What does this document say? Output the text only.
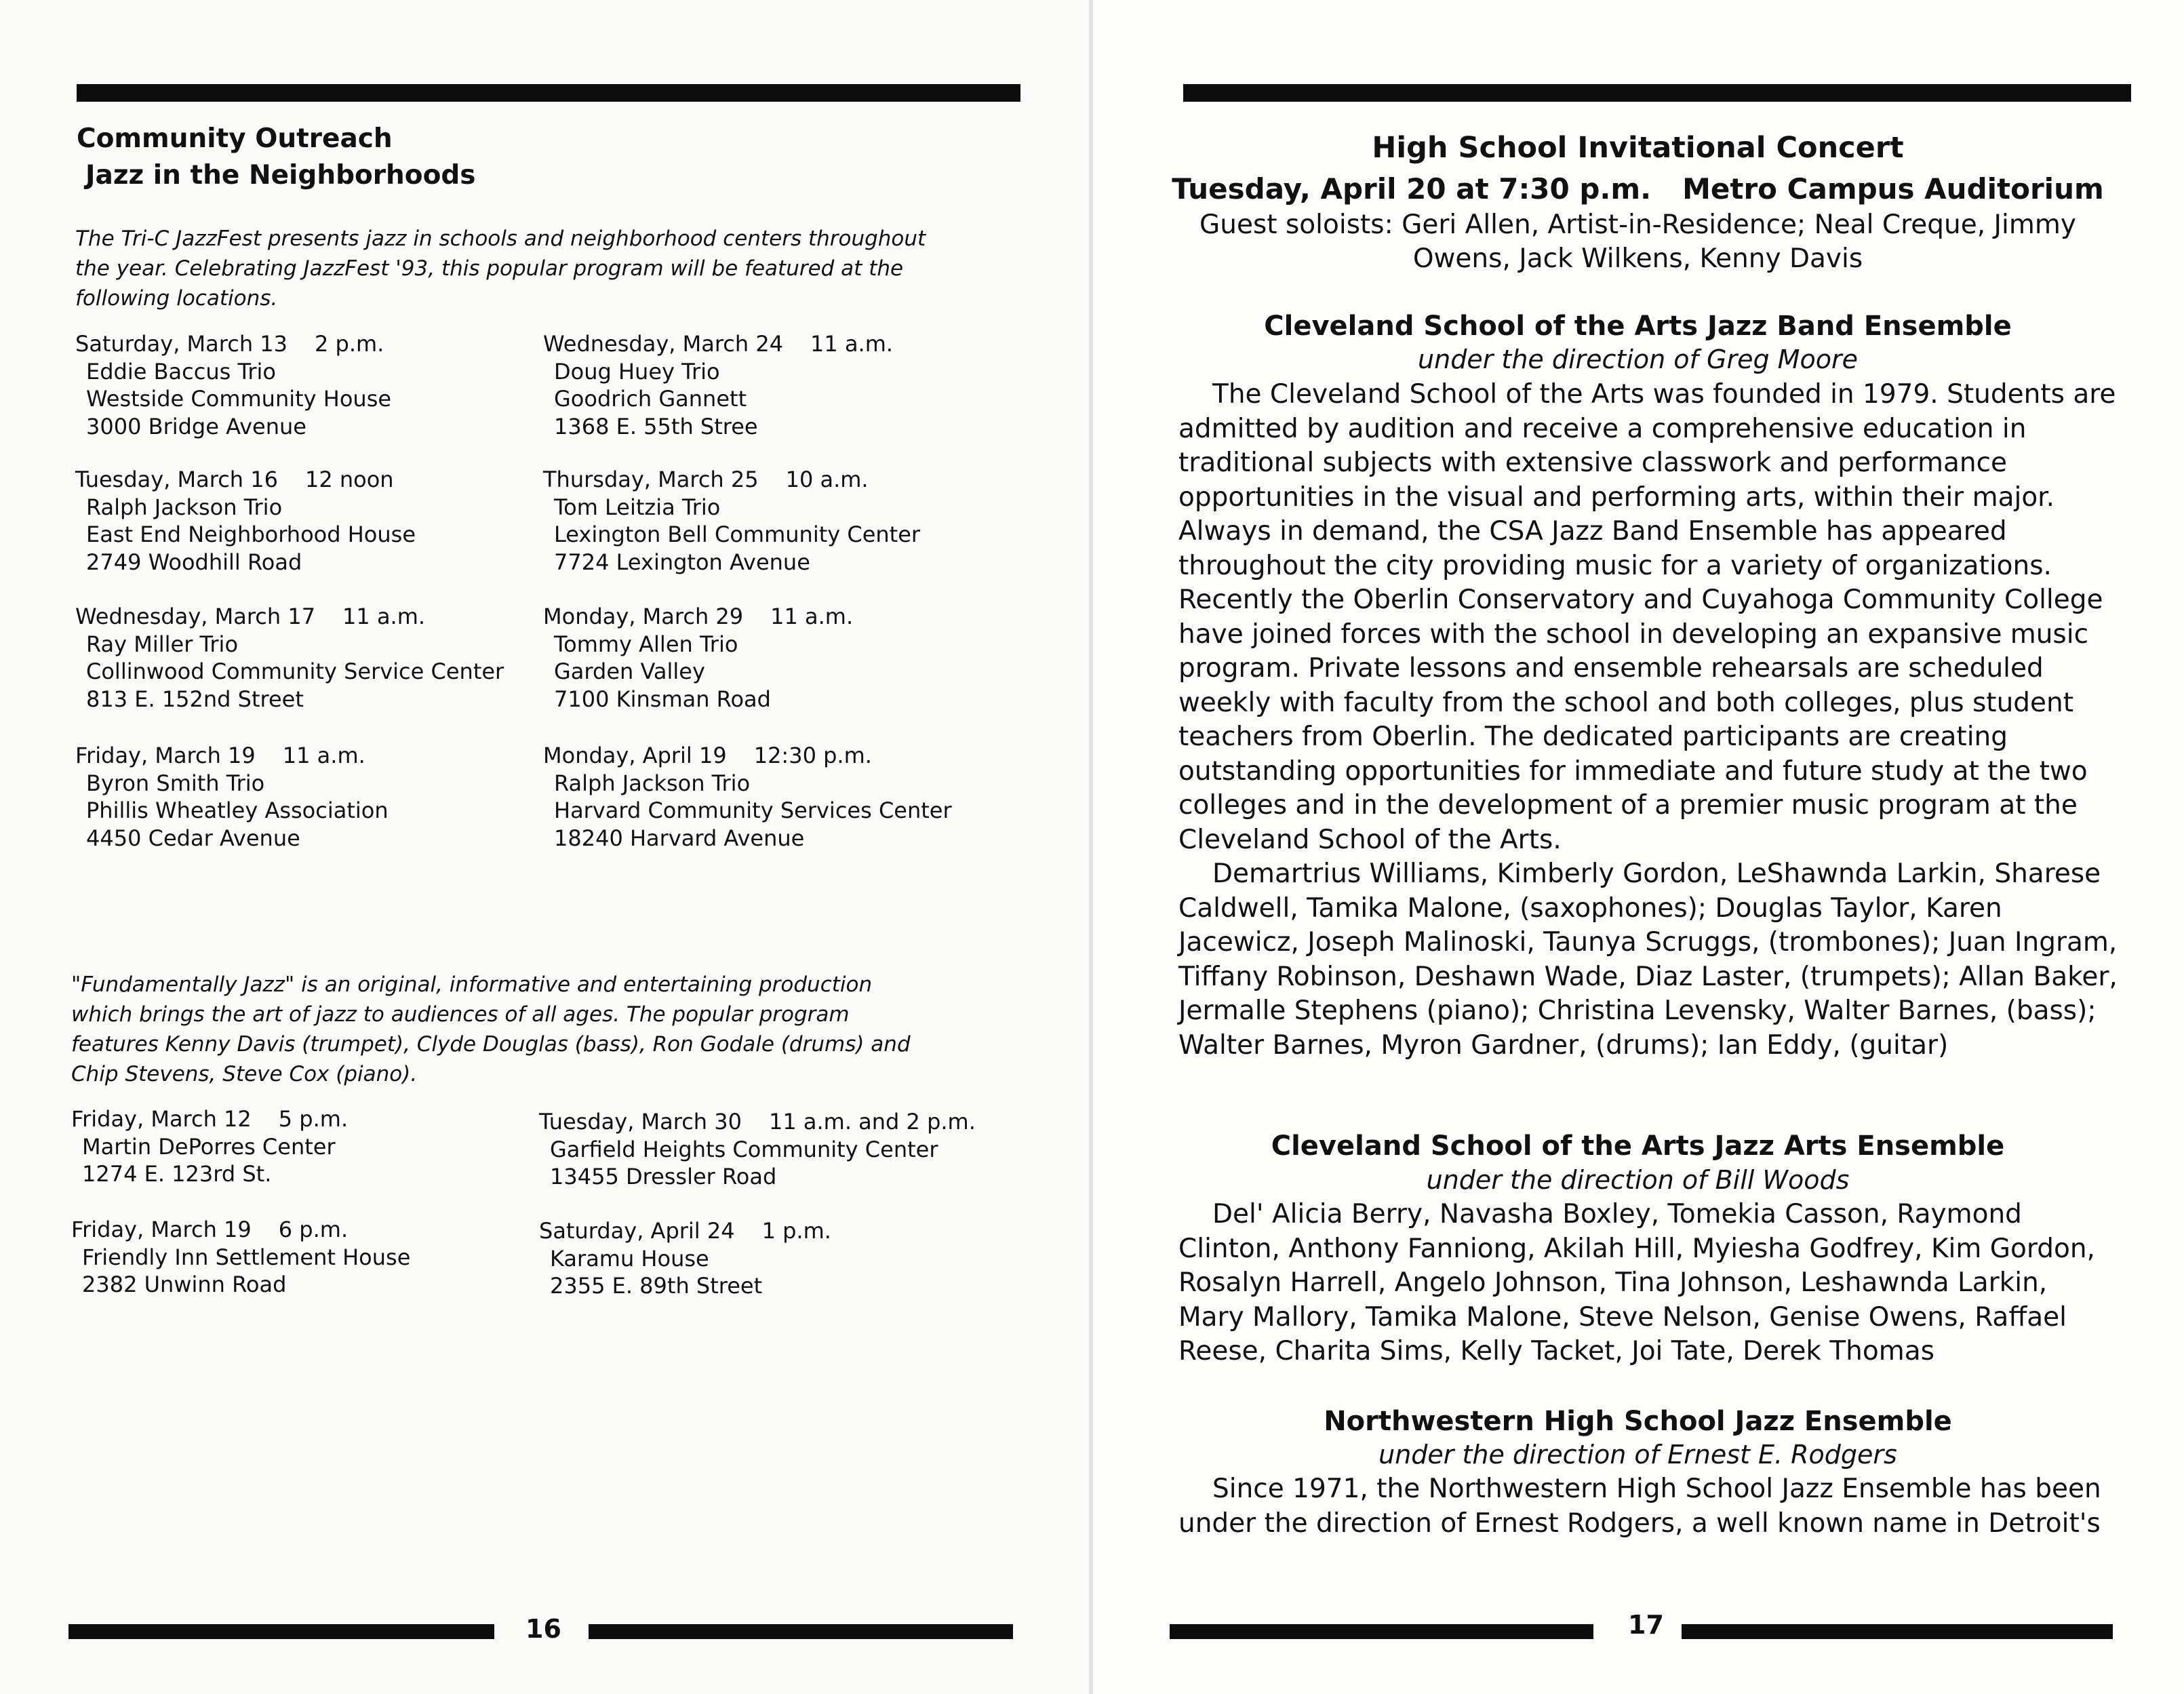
Community Outreach
Jazz in the Neighborhoods

The Tri-C JazzFest presents jazz in schools and neighborhood centers throughout the year. Celebrating JazzFest '93, this popular program will be featured at the following locations.

Saturday, March 13 2 p.m.
Eddie Baccus Trio
Westside Community House
3000 Bridge Avenue
Tuesday, March 16 12 noon
Ralph Jackson Trio
East End Neighborhood House
2749 Woodhill Road
Wednesday, March 17 11 a.m.
Ray Miller Trio
Collinwood Community Service Center
813 E. 152nd Street
Friday, March 19 11 a.m.
Byron Smith Trio
Phillis Wheatley Association
4450 Cedar Avenue
Wednesday, March 24 11 a.m.
Doug Huey Trio
Goodrich Gannett
1368 E. 55th Stree
Thursday, March 25 10 a.m.
Tom Leitzia Trio
Lexington Bell Community Center
7724 Lexington Avenue
Monday, March 29 11 a.m.
Tommy Allen Trio
Garden Valley
7100 Kinsman Road
Monday, April 19 12:30 p.m.
Ralph Jackson Trio
Harvard Community Services Center
18240 Harvard Avenue

"Fundamentally Jazz" is an original, informative and entertaining production which brings the art of jazz to audiences of all ages. The popular program features Kenny Davis (trumpet), Clyde Douglas (bass), Ron Godale (drums) and Chip Stevens, Steve Cox (piano).

Friday, March 12 5 p.m.
Martin DePorres Center
1274 E. 123rd St.
Friday, March 19 6 p.m.
Friendly Inn Settlement House
2382 Unwinn Road
Tuesday, March 30 11 a.m. and 2 p.m.
Garfield Heights Community Center
13455 Dressler Road
Saturday, April 24 1 p.m.
Karamu House
2355 E. 89th Street
16
High School Invitational Concert
Tuesday, April 20 at 7:30 p.m. Metro Campus Auditorium
Guest soloists: Geri Allen, Artist-in-Residence; Neal Creque, Jimmy
Owens, Jack Wilkens, Kenny Davis
Cleveland School of the Arts Jazz Band Ensemble
under the direction of Greg Moore

The Cleveland School of the Arts was founded in 1979. Students are admitted by audition and receive a comprehensive education in traditional subjects with extensive classwork and performance opportunities in the visual and performing arts, within their major. Always in demand, the CSA Jazz Band Ensemble has appeared throughout the city providing music for a variety of organizations. Recently the Oberlin Conservatory and Cuyahoga Community College have joined forces with the school in developing an expansive music program. Private lessons and ensemble rehearsals are scheduled weekly with faculty from the school and both colleges, plus student teachers from Oberlin. The dedicated participants are creating outstanding opportunities for immediate and future study at the two colleges and in the development of a premier music program at the Cleveland School of the Arts.

Demartrius Williams, Kimberly Gordon, LeShawnda Larkin, Sharese Caldwell, Tamika Malone, (saxophones); Douglas Taylor, Karen Jacewicz, Joseph Malinoski, Taunya Scruggs, (trombones); Juan Ingram, Tiffany Robinson, Deshawn Wade, Diaz Laster, (trumpets); Allan Baker, Jermalle Stephens (piano); Christina Levensky, Walter Barnes, (bass); Walter Barnes, Myron Gardner, (drums); Ian Eddy, (guitar)

Cleveland School of the Arts Jazz Arts Ensemble
under the direction of Bill Woods

Del' Alicia Berry, Navasha Boxley, Tomekia Casson, Raymond Clinton, Anthony Fanniong, Akilah Hill, Myiesha Godfrey, Kim Gordon, Rosalyn Harrell, Angelo Johnson, Tina Johnson, Leshawnda Larkin, Mary Mallory, Tamika Malone, Steve Nelson, Genise Owens, Raffael Reese, Charita Sims, Kelly Tacket, Joi Tate, Derek Thomas

Northwestern High School Jazz Ensemble
under the direction of Ernest E. Rodgers

Since 1971, the Northwestern High School Jazz Ensemble has been under the direction of Ernest Rodgers, a well known name in Detroit's

17
